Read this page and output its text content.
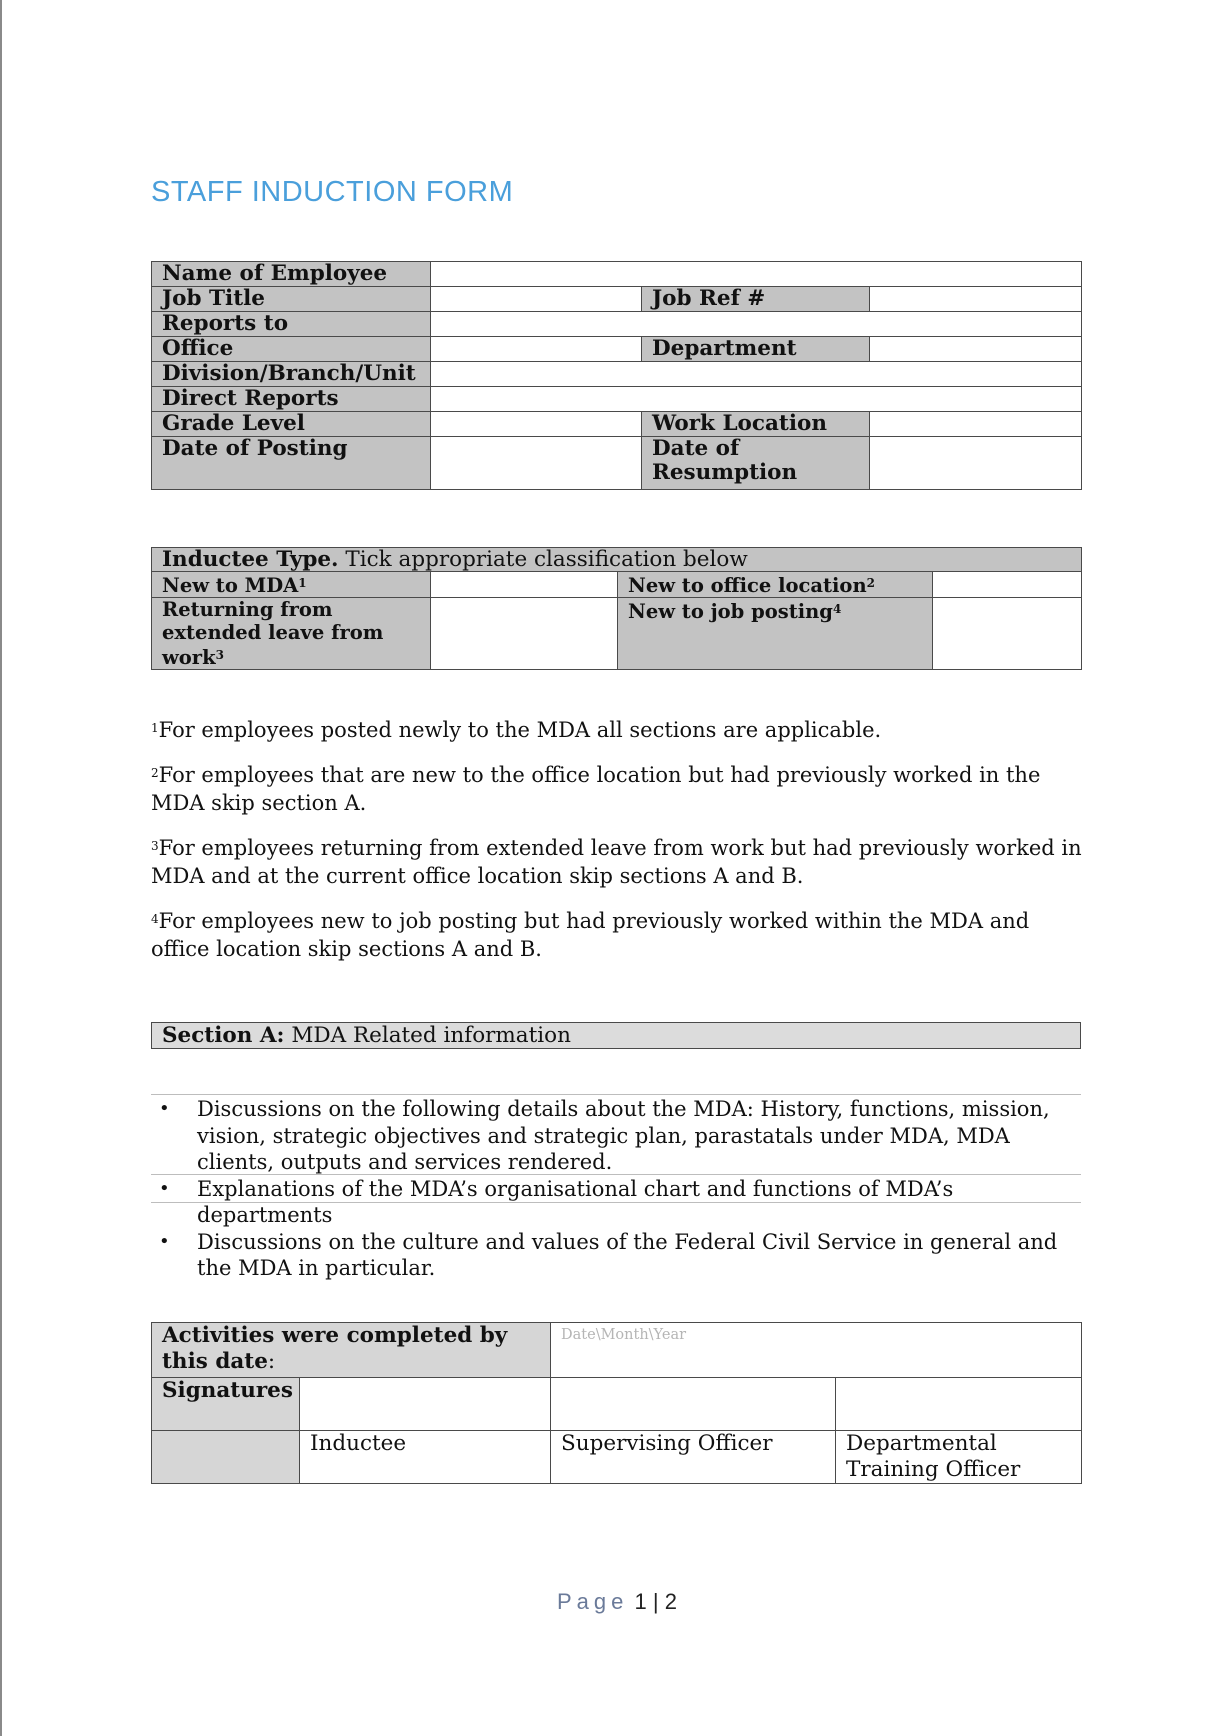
STAFF INDUCTION FORM
Name of Employee			
Job Title		Job Ref #	
Reports to			
Office		Department	
Division/Branch/Unit			
Direct Reports			
Grade Level		Work Location	
Date of Posting		Date of Resumption	
Inductee Type. Tick appropriate classification below			
New to MDA$^1$		New to office location$^2$	
Returning from extended leave from work$^3$		New to job posting$^4$	

$^1$For employees posted newly to the MDA all sections are applicable.

$^2$For employees that are new to the office location but had previously worked in the MDA skip section A.

$^3$For employees returning from extended leave from work but had previously worked in MDA and at the current office location skip sections A and B.

$^4$For employees new to job posting but had previously worked within the MDA and office location skip sections A and B.

Section A: MDA Related information
•	Discussions on the following details about the MDA: History, functions, mission, vision, strategic objectives and strategic plan, parastatals under MDA, MDA clients, outputs and services rendered.
•	Explanations of the MDA’s organisational chart and functions of MDA’s departments
•	Discussions on the culture and values of the Federal Civil Service in general and the MDA in particular.
Activities were completed by this date:		Date\Month\Year	
Signatures			
	Inductee	Supervising Officer	Departmental Training Officer
Page 1 | 2
